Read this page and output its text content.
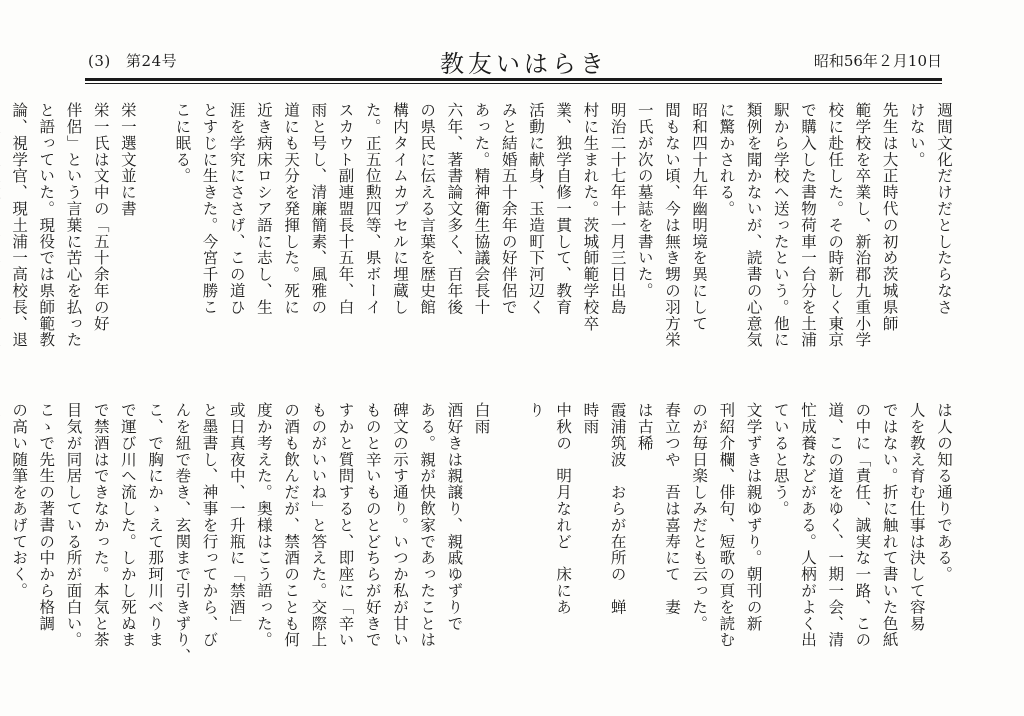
(3) 第24号	教友いはらき	昭和56年２月10日
週間文化だけだとしたらなさ
けない。
先生は大正時代の初め茨城県師
範学校を卒業し、新治郡九重小学
校に赴任した。その時新しく東京
で購入した書物荷車一台分を土浦
駅から学校へ送ったという。他に
類例を聞かないが、読書の心意気
に驚かされる。
昭和四十九年幽明境を異にして
間もない頃、今は無き甥の羽方栄
一氏が次の墓誌を書いた。
明治二十七年十一月三日出島
村に生まれた。茨城師範学校卒
業、独学自修一貫して、教育
活動に献身、玉造町下河辺く
みと結婚五十余年の好伴侶で
あった。精神衛生協議会長十
六年、著書論文多く、百年後
の県民に伝える言葉を歴史館
構内タイムカプセルに埋蔵し
た。正五位勲四等、県ボーイ
スカウト副連盟長十五年、白
雨と号し、清廉簡素、風雅の
道にも天分を発揮した。死に
近き病床ロシア語に志し、生
涯を学究にささげ、この道ひ
とすじに生きた。今宮千勝こ
こに眠る。

栄一選文並に書
栄一氏は文中の「五十余年の好
伴侶」という言葉に苦心を払った
と語っていた。現役では県師範教
論、視学官、現土浦一高校長、退

は人の知る通りである。
人を教え育む仕事は決して容易
ではない。折に触れて書いた色紙
の中に「責任、誠実な一路、この
道、この道をゆく、一期一会、清
忙成養などがある。人柄がよく出
ていると思う。
文学ずきは親ゆずり。朝刊の新
刊紹介欄、俳句、短歌の頁を読む
のが毎日楽しみだとも云った。
春立つや　吾は喜寿にて　妻
は古稀
霞浦筑波　おらが在所の　蝉
時雨
中秋の　明月なれど　床にあ
り

白雨
酒好きは親譲り、親戚ゆずりで
ある。親が快飲家であったことは
碑文の示す通り。いつか私が甘い
ものと辛いものとどちらが好きで
すかと質問すると、即座に「辛い
ものがいいね」と答えた。交際上
の酒も飲んだが、禁酒のことも何
度か考えた。奥様はこう語った。
或日真夜中、一升瓶に「禁酒」
と墨書し、神事を行ってから、び
んを紐で巻き、玄関まで引きずり、
こ、で胸にかゝえて那珂川べりま
で運び川へ流した。しかし死ぬま
で禁酒はできなかった。本気と茶
目気が同居している所が面白い。
こゝで先生の著書の中から格調
の高い随筆をあげておく。
